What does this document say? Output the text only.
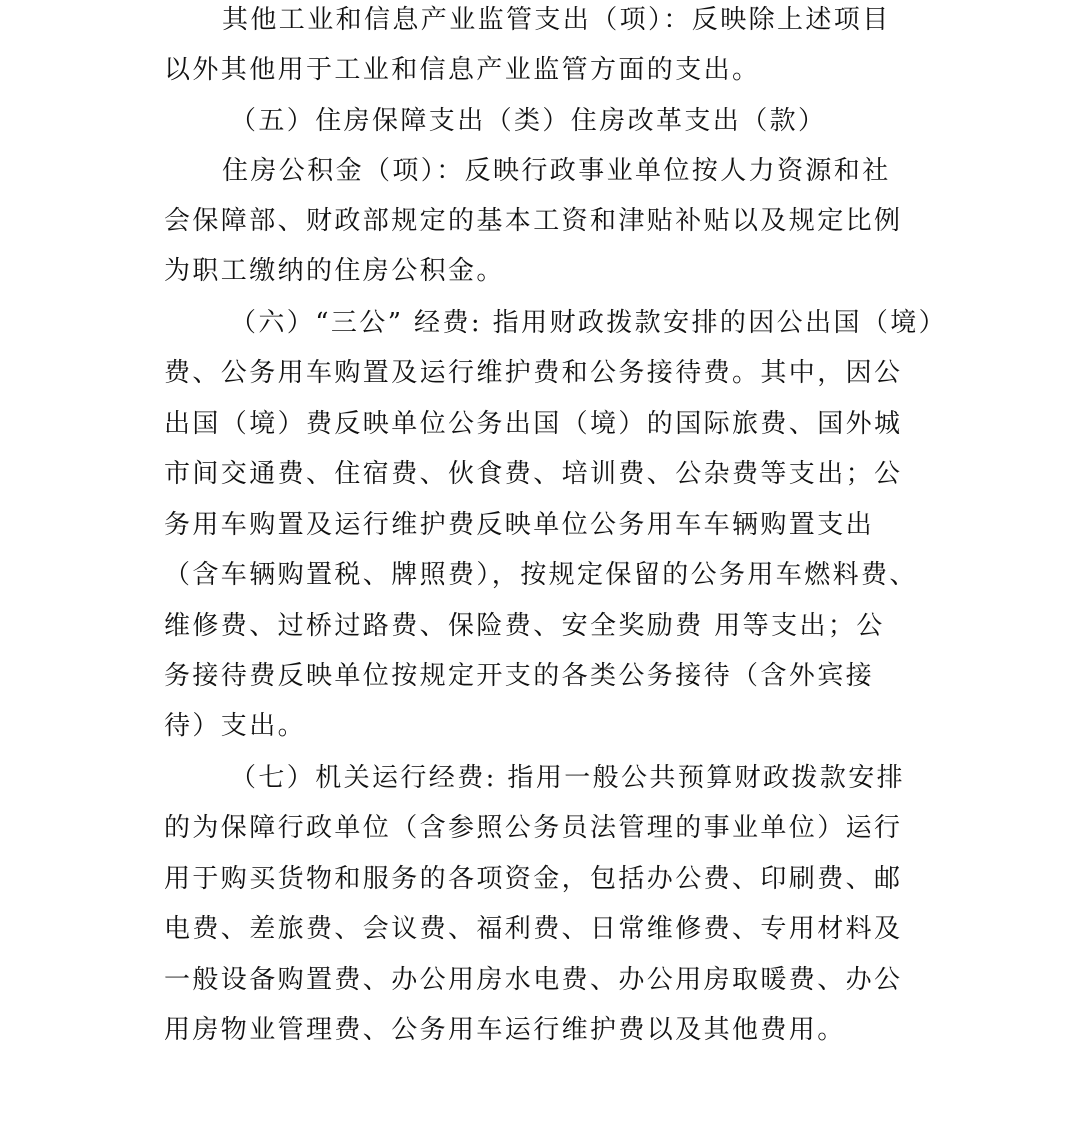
其他工业和信息产业监管支出（项）：反映除上述项目
以外其他用于工业和信息产业监管方面的支出。
（五）住房保障支出（类）住房改革支出（款）
住房公积金（项）：反映行政事业单位按人力资源和社
会保障部、财政部规定的基本工资和津贴补贴以及规定比例
为职工缴纳的住房公积金。
（六）“三公” 经费: 指用财政拨款安排的因公出国（境）
费、公务用车购置及运行维护费和公务接待费。其中，因公
出国（境）费反映单位公务出国（境）的国际旅费、国外城
市间交通费、住宿费、伙食费、培训费、公杂费等支出；公
务用车购置及运行维护费反映单位公务用车车辆购置支出
（含车辆购置税、牌照费），按规定保留的公务用车燃料费、
维修费、过桥过路费、保险费、安全奖励费 用等支出；公
务接待费反映单位按规定开支的各类公务接待（含外宾接
待）支出。
（七）机关运行经费: 指用一般公共预算财政拨款安排
的为保障行政单位（含参照公务员法管理的事业单位）运行
用于购买货物和服务的各项资金，包括办公费、印刷费、邮
电费、差旅费、会议费、福利费、日常维修费、专用材料及
一般设备购置费、办公用房水电费、办公用房取暖费、办公
用房物业管理费、公务用车运行维护费以及其他费用。
